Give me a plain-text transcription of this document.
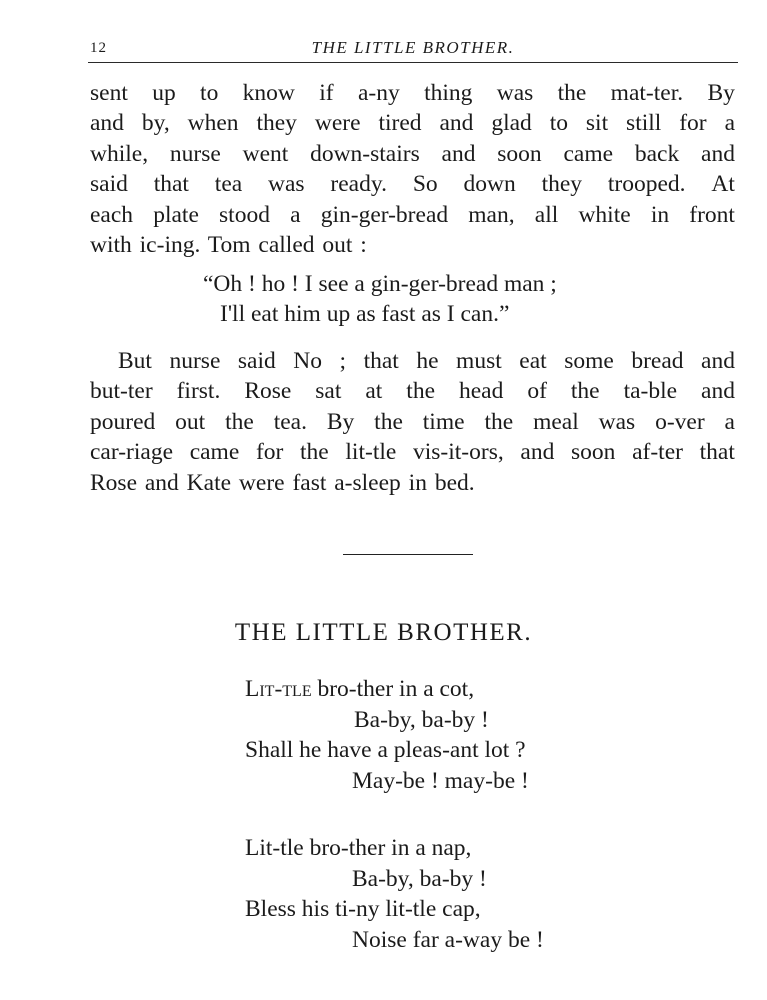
12	THE LITTLE BROTHER.
sent up to know if a-ny thing was the mat-ter. By
and by, when they were tired and glad to sit still for a
while, nurse went down-stairs and soon came back and
said that tea was ready. So down they trooped. At
each plate stood a gin-ger-bread man, all white in front
with ic-ing. Tom called out :
“Oh ! ho ! I see a gin-ger-bread man ;
I'll eat him up as fast as I can.”
But nurse said No ; that he must eat some bread and
but-ter first. Rose sat at the head of the ta-ble and
poured out the tea. By the time the meal was o-ver a
car-riage came for the lit-tle vis-it-ors, and soon af-ter that
Rose and Kate were fast a-sleep in bed.
THE LITTLE BROTHER.
Lit-tle bro-ther in a cot,
Ba-by, ba-by !
Shall he have a pleas-ant lot ?
May-be ! may-be !
Lit-tle bro-ther in a nap,
Ba-by, ba-by !
Bless his ti-ny lit-tle cap,
Noise far a-way be !
